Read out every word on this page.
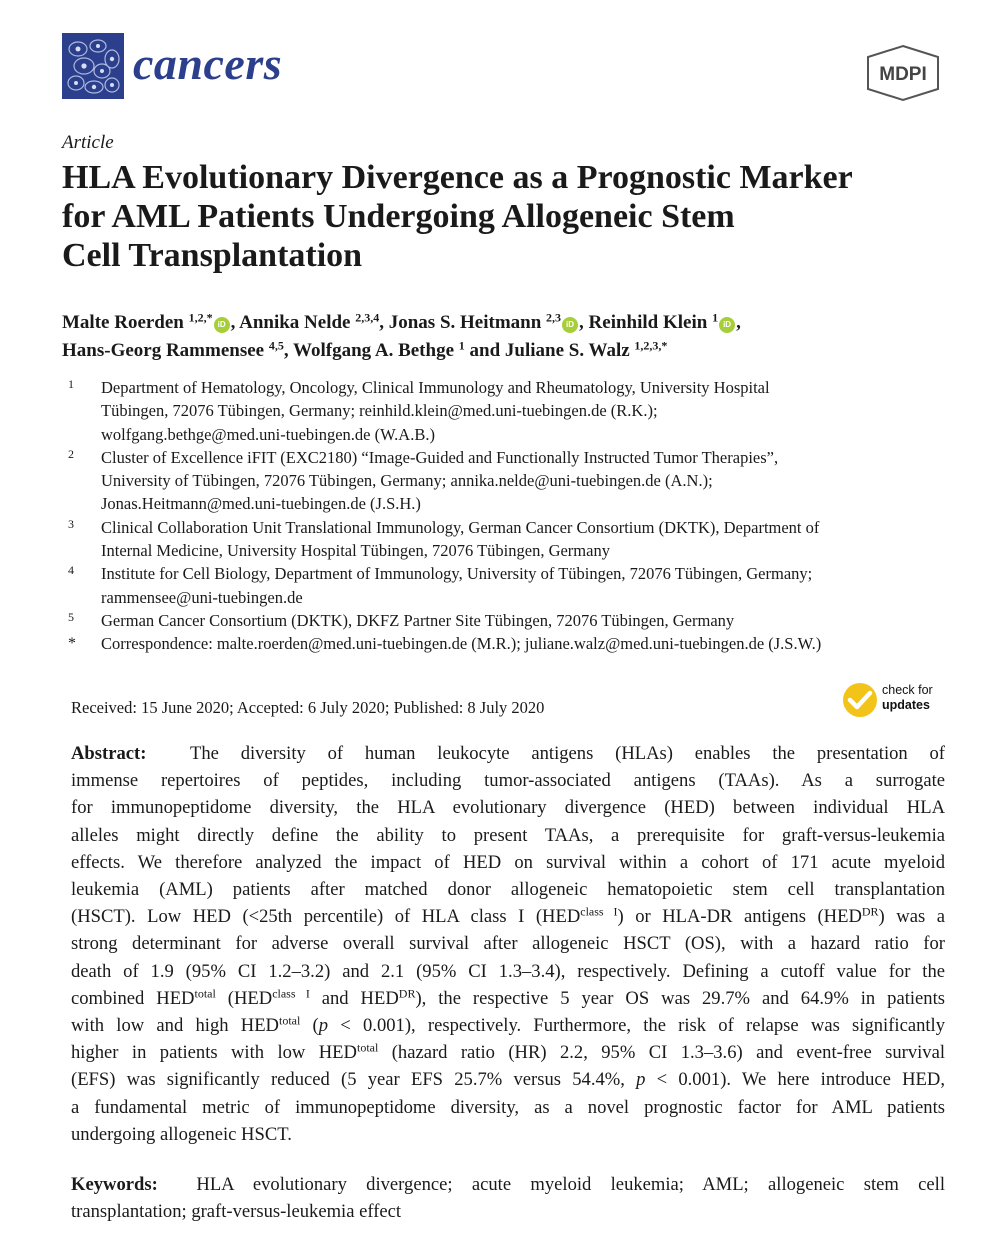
cancers	MDPI
Article
HLA Evolutionary Divergence as a Prognostic Marker
for AML Patients Undergoing Allogeneic Stem
Cell Transplantation
Malte Roerden $^{1,2,*}$iD , Annika Nelde $^{2,3,4}$, Jonas S. Heitmann $^{2,3}$iD , Reinhild Klein $^1$iD ,
Hans-Georg Rammensee $^{4,5}$, Wolfgang A. Bethge $^1$ and Juliane S. Walz $^{1,2,3,*}$
1 Department of Hematology, Oncology, Clinical Immunology and Rheumatology, University Hospital
Tübingen, 72076 Tübingen, Germany; reinhild.klein@med.uni-tuebingen.de (R.K.);
wolfgang.bethge@med.uni-tuebingen.de (W.A.B.)
2 Cluster of Excellence iFIT (EXC2180) “Image-Guided and Functionally Instructed Tumor Therapies”,
University of Tübingen, 72076 Tübingen, Germany; annika.nelde@uni-tuebingen.de (A.N.);
Jonas.Heitmann@med.uni-tuebingen.de (J.S.H.)
3 Clinical Collaboration Unit Translational Immunology, German Cancer Consortium (DKTK), Department of
Internal Medicine, University Hospital Tübingen, 72076 Tübingen, Germany
4 Institute for Cell Biology, Department of Immunology, University of Tübingen, 72076 Tübingen, Germany;
rammensee@uni-tuebingen.de
5 German Cancer Consortium (DKTK), DKFZ Partner Site Tübingen, 72076 Tübingen, Germany
* Correspondence: malte.roerden@med.uni-tuebingen.de (M.R.); juliane.walz@med.uni-tuebingen.de (J.S.W.)
Received: 15 June 2020; Accepted: 6 July 2020; Published: 8 July 2020
check for
updates
Abstract: The diversity of human leukocyte antigens (HLAs) enables the presentation of
immense repertoires of peptides, including tumor-associated antigens (TAAs). As a surrogate
for immunopeptidome diversity, the HLA evolutionary divergence (HED) between individual HLA
alleles might directly define the ability to present TAAs, a prerequisite for graft-versus-leukemia
effects. We therefore analyzed the impact of HED on survival within a cohort of 171 acute myeloid
leukemia (AML) patients after matched donor allogeneic hematopoietic stem cell transplantation
(HSCT). Low HED (<25th percentile) of HLA class I $(HED^{class I})$ or HLA-DR antigens $(HED^{DR})$ was a
strong determinant for adverse overall survival after allogeneic HSCT (OS), with a hazard ratio for
death of 1.9 (95% CI 1.2–3.2) and 2.1 (95% CI 1.3–3.4), respectively. Defining a cutoff value for the
combined $HED^{total}$ ($HED^{class I}$ and $HED^{DR}$), the respective 5 year OS was 29.7% and 64.9% in patients
with low and high $HED^{total}$ (p < 0.001), respectively. Furthermore, the risk of relapse was significantly
higher in patients with low $HED^{total}$ (hazard ratio (HR) 2.2, 95% CI 1.3–3.6) and event-free survival
(EFS) was significantly reduced (5 year EFS 25.7% versus 54.4%, p < 0.001). We here introduce HED,
a fundamental metric of immunopeptidome diversity, as a novel prognostic factor for AML patients
undergoing allogeneic HSCT.
Keywords: HLA evolutionary divergence; acute myeloid leukemia; AML; allogeneic stem cell
transplantation; graft-versus-leukemia effect
